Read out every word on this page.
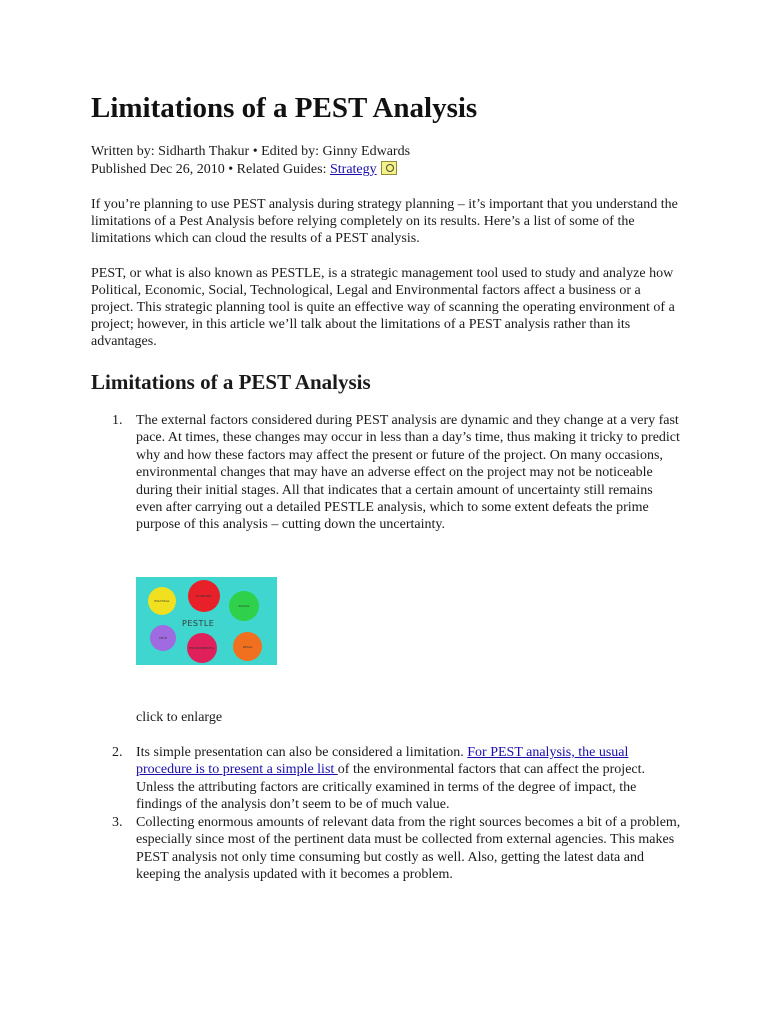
Limitations of a PEST Analysis
Written by: Sidharth Thakur • Edited by: Ginny Edwards
Published Dec 26, 2010 • Related Guides: Strategy

If you’re planning to use PEST analysis during strategy planning – it’s important that you understand the limitations of a Pest Analysis before relying completely on its results. Here’s a list of some of the limitations which can cloud the results of a PEST analysis.

PEST, or what is also known as PESTLE, is a strategic management tool used to study and analyze how Political, Economic, Social, Technological, Legal and Environmental factors affect a business or a project. This strategic planning tool is quite an effective way of scanning the operating environment of a project; however, in this article we’ll talk about the limitations of a PEST analysis rather than its advantages.

Limitations of a PEST Analysis
1. The external factors considered during PEST analysis are dynamic and they change at a very fast pace. At times, these changes may occur in less than a day’s time, thus making it tricky to predict why and how these factors may affect the present or future of the project. On many occasions, environmental changes that may have an adverse effect on the project may not be noticeable during their initial stages. All that indicates that a certain amount of uncertainty still remains even after carrying out a detailed PESTLE analysis, which to some extent defeats the prime purpose of this analysis – cutting down the uncertainty.
POLITICAL
ECONOMIC
SOCIAL
TECH
ENVIRONMENTAL	LEGAL
PESTLE
click to enlarge
2. Its simple presentation can also be considered a limitation. For PEST analysis, the usual procedure is to present a simple list of the environmental factors that can affect the project. Unless the attributing factors are critically examined in terms of the degree of impact, the findings of the analysis don’t seem to be of much value.
3. Collecting enormous amounts of relevant data from the right sources becomes a bit of a problem, especially since most of the pertinent data must be collected from external agencies. This makes PEST analysis not only time consuming but costly as well. Also, getting the latest data and keeping the analysis updated with it becomes a problem.
